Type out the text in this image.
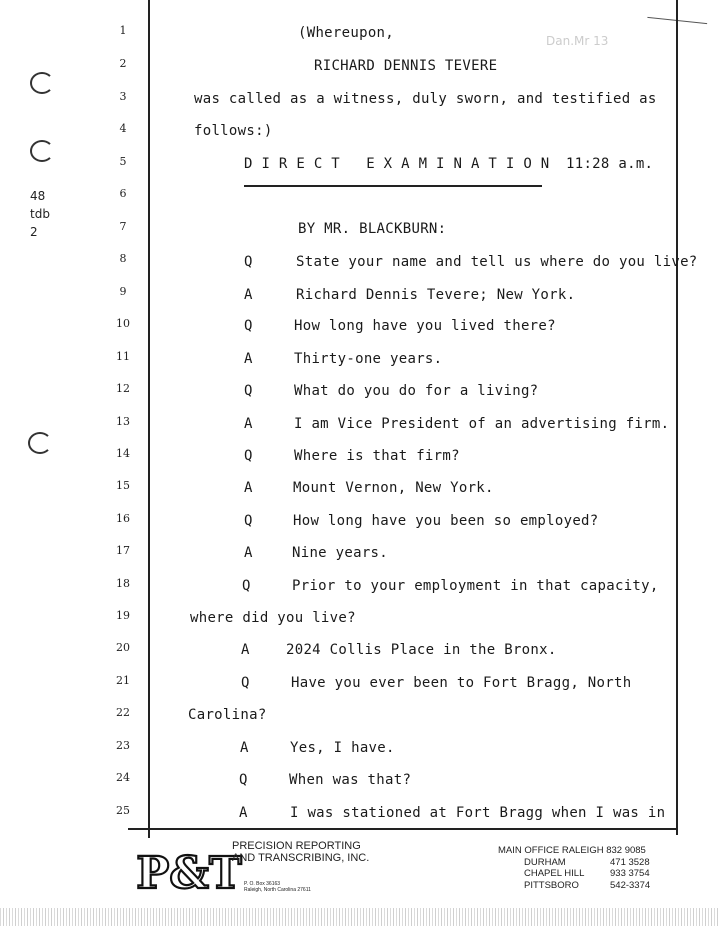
Dan.Mr 13
48
tdb
2
1
2
3
4
5
6
7
8
9
10
11
12
13
14
15
16
17
18
19
20
21
22
23
24
25
(Whereupon,
RICHARD DENNIS TEVERE
was called as a witness, duly sworn, and testified as
follows:)
D I R E C T   E X A M I N A T I O N 11:28 a.m.
BY MR. BLACKBURN:
Q	State your name and tell us where do you live?
A	Richard Dennis Tevere; New York.
Q	How long have you lived there?
A	Thirty-one years.
Q	What do you do for a living?
A	I am Vice President of an advertising firm.
Q	Where is that firm?
A	Mount Vernon, New York.
Q	How long have you been so employed?
A	Nine years.
Q	Prior to your employment in that capacity,
where did you live?
A	2024 Collis Place in the Bronx.
Q	Have you ever been to Fort Bragg, North
Carolina?
A	Yes, I have.
Q	When was that?
A	I was stationed at Fort Bragg when I was in
P&T
PRECISION REPORTING
AND TRANSCRIBING, INC.
P. O. Box 36163
Raleigh, North Carolina 27611
MAIN OFFICE RALEIGH 832 9085
DURHAM	471 3528
CHAPEL HILL	933 3754
PITTSBORO	542-3374
